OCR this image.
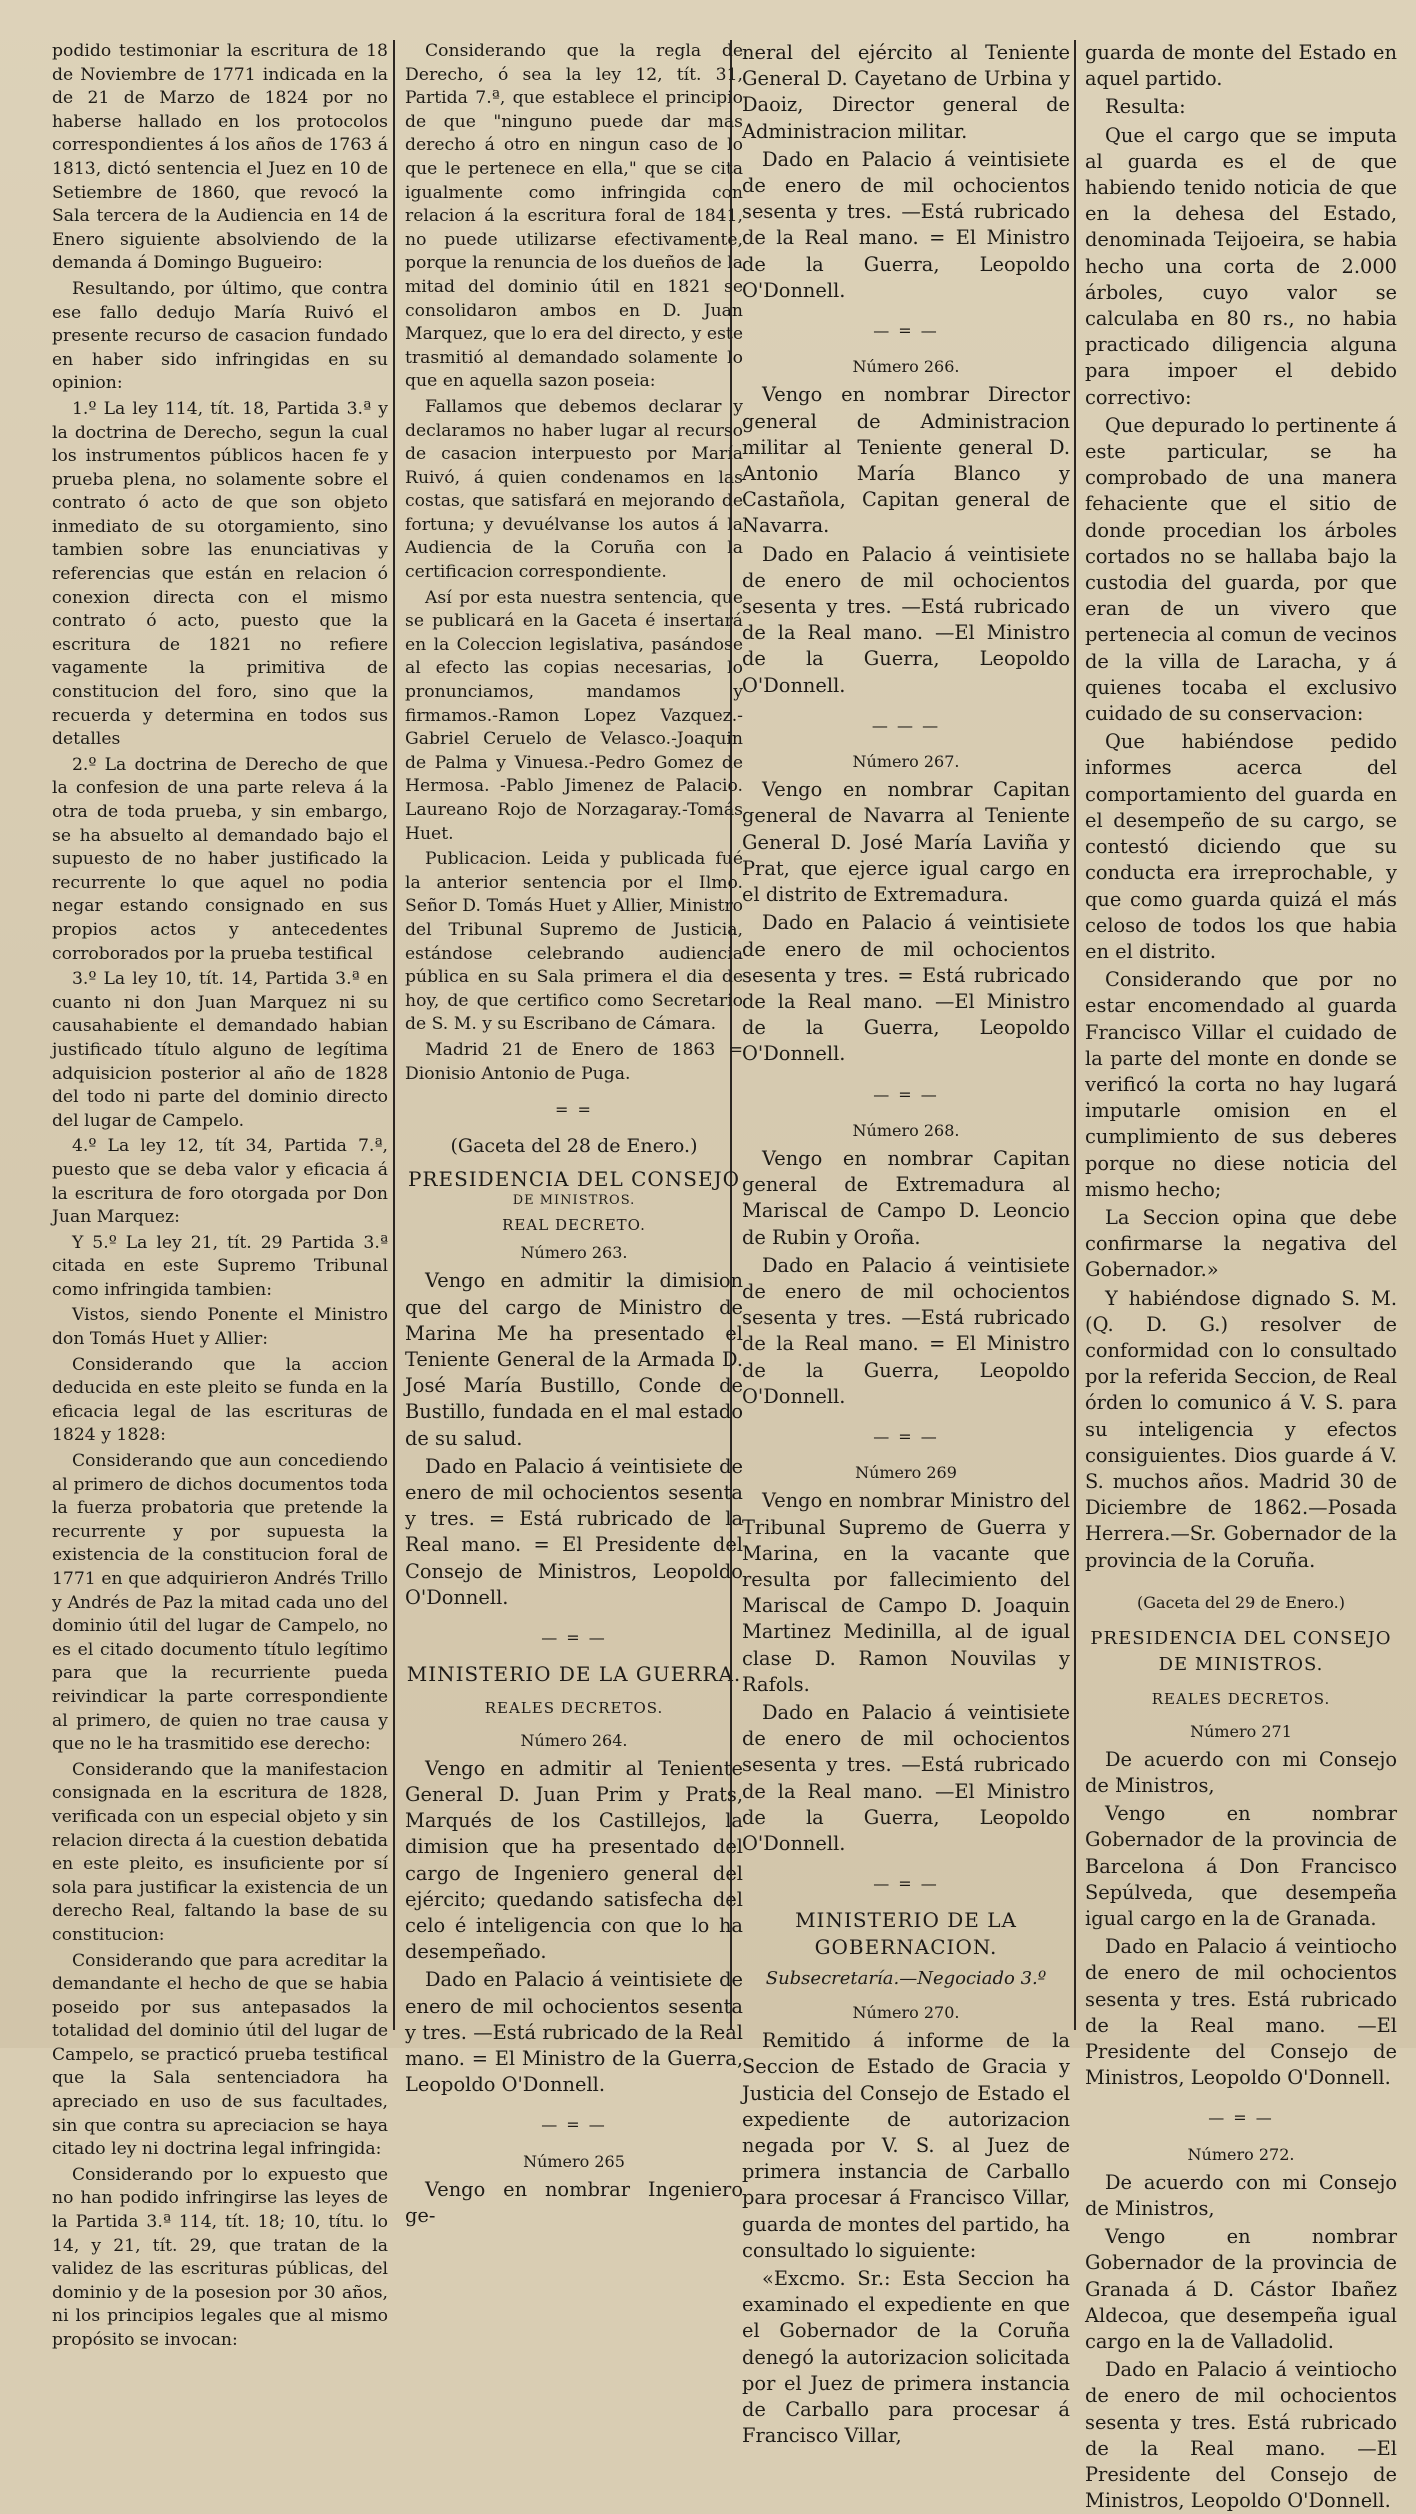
podido testimoniar la escritura de 18 de Noviembre de 1771 indicada en la de 21 de Marzo de 1824 por no haberse hallado en los protocolos correspondientes á los años de 1763 á 1813, dictó sentencia el Juez en 10 de Setiembre de 1860, que revocó la Sala tercera de la Audiencia en 14 de Enero siguiente absolviendo de la demanda á Domingo Bugueiro:

Resultando, por último, que contra ese fallo dedujo María Ruivó el presente recurso de casacion fundado en haber sido infringidas en su opinion:

1.º La ley 114, tít. 18, Partida 3.ª y la doctrina de Derecho, segun la cual los instrumentos públicos hacen fe y prueba plena, no solamente sobre el contrato ó acto de que son objeto inmediato de su otorgamiento, sino tambien sobre las enunciativas y referencias que están en relacion ó conexion directa con el mismo contrato ó acto, puesto que la escritura de 1821 no refiere vagamente la primitiva de constitucion del foro, sino que la recuerda y determina en todos sus detalles

2.º La doctrina de Derecho de que la confesion de una parte releva á la otra de toda prueba, y sin embargo, se ha absuelto al demandado bajo el supuesto de no haber justificado la recurrente lo que aquel no podia negar estando consignado en sus propios actos y antecedentes corroborados por la prueba testifical

3.º La ley 10, tít. 14, Partida 3.ª en cuanto ni don Juan Marquez ni su causahabiente el demandado habian justificado título alguno de legítima adquisicion posterior al año de 1828 del todo ni parte del dominio directo del lugar de Campelo.

4.º La ley 12, tít 34, Partida 7.ª, puesto que se deba valor y eficacia á la escritura de foro otorgada por Don Juan Marquez:

Y 5.º La ley 21, tít. 29 Partida 3.ª citada en este Supremo Tribunal como infringida tambien:

Vistos, siendo Ponente el Ministro don Tomás Huet y Allier:

Considerando que la accion deducida en este pleito se funda en la eficacia legal de las escrituras de 1824 y 1828:

Considerando que aun concediendo al primero de dichos documentos toda la fuerza probatoria que pretende la recurrente y por supuesta la existencia de la constitucion foral de 1771 en que adquirieron Andrés Trillo y Andrés de Paz la mitad cada uno del dominio útil del lugar de Campelo, no es el citado documento título legítimo para que la recurriente pueda reivindicar la parte correspondiente al primero, de quien no trae causa y que no le ha trasmitido ese derecho:

Considerando que la manifestacion consignada en la escritura de 1828, verificada con un especial objeto y sin relacion directa á la cuestion debatida en este pleito, es insuficiente por sí sola para justificar la existencia de un derecho Real, faltando la base de su constitucion:

Considerando que para acreditar la demandante el hecho de que se habia poseido por sus antepasados la totalidad del dominio útil del lugar de Campelo, se practicó prueba testifical que la Sala sentenciadora ha apreciado en uso de sus facultades, sin que contra su apreciacion se haya citado ley ni doctrina legal infringida:

Considerando por lo expuesto que no han podido infringirse las leyes de la Partida 3.ª 114, tít. 18; 10, títu. lo 14, y 21, tít. 29, que tratan de la validez de las escrituras públicas, del dominio y de la posesion por 30 años, ni los principios legales que al mismo propósito se invocan:

Considerando que la regla de Derecho, ó sea la ley 12, tít. 31, Partida 7.ª, que establece el principio de que "ninguno puede dar mas derecho á otro en ningun caso de lo que le pertenece en ella," que se cita igualmente como infringida con relacion á la escritura foral de 1841, no puede utilizarse efectivamente, porque la renuncia de los dueños de la mitad del dominio útil en 1821 se consolidaron ambos en D. Juan Marquez, que lo era del directo, y este trasmitió al demandado solamente lo que en aquella sazon poseia:

Fallamos que debemos declarar y declaramos no haber lugar al recurso de casacion interpuesto por María Ruivó, á quien condenamos en las costas, que satisfará en mejorando de fortuna; y devuélvanse los autos á la Audiencia de la Coruña con la certificacion correspondiente.

Así por esta nuestra sentencia, que se publicará en la Gaceta é insertará en la Coleccion legislativa, pasándose al efecto las copias necesarias, lo pronunciamos, mandamos y firmamos.-Ramon Lopez Vazquez.-Gabriel Ceruelo de Velasco.-Joaquin de Palma y Vinuesa.-Pedro Gomez de Hermosa. -Pablo Jimenez de Palacio. Laureano Rojo de Norzagaray.-Tomás Huet.

Publicacion. Leida y publicada fué la anterior sentencia por el Ilmo. Señor D. Tomás Huet y Allier, Ministro del Tribunal Supremo de Justicia, estándose celebrando audiencia pública en su Sala primera el dia de hoy, de que certifico como Secretario de S. M. y su Escribano de Cámara.

Madrid 21 de Enero de 1863 = Dionisio Antonio de Puga.

= =
(Gaceta del 28 de Enero.)
PRESIDENCIA DEL CONSEJO
DE MINISTROS.
REAL DECRETO.
Número 263.

Vengo en admitir la dimision que del cargo de Ministro de Marina Me ha presentado el Teniente General de la Armada D. José María Bustillo, Conde de Bustillo, fundada en el mal estado de su salud.

Dado en Palacio á veintisiete de enero de mil ochocientos sesenta y tres. = Está rubricado de la Real mano. = El Presidente del Consejo de Ministros, Leopoldo O'Donnell.

— = —
MINISTERIO DE LA GUERRA.
REALES DECRETOS.
Número 264.

Vengo en admitir al Teniente General D. Juan Prim y Prats, Marqués de los Castillejos, la dimision que ha presentado del cargo de Ingeniero general del ejército; quedando satisfecha del celo é inteligencia con que lo ha desempeñado.

Dado en Palacio á veintisiete de enero de mil ochocientos sesenta y tres. —Está rubricado de la Real mano. = El Ministro de la Guerra, Leopoldo O'Donnell.

— = —
Número 265

Vengo en nombrar Ingeniero ge-

neral del ejército al Teniente General D. Cayetano de Urbina y Daoiz, Director general de Administracion militar.

Dado en Palacio á veintisiete de enero de mil ochocientos sesenta y tres. —Está rubricado de la Real mano. = El Ministro de la Guerra, Leopoldo O'Donnell.

— = —
Número 266.

Vengo en nombrar Director general de Administracion militar al Teniente general D. Antonio María Blanco y Castañola, Capitan general de Navarra.

Dado en Palacio á veintisiete de enero de mil ochocientos sesenta y tres. —Está rubricado de la Real mano. —El Ministro de la Guerra, Leopoldo O'Donnell.

— — —
Número 267.

Vengo en nombrar Capitan general de Navarra al Teniente General D. José María Laviña y Prat, que ejerce igual cargo en el distrito de Extremadura.

Dado en Palacio á veintisiete de enero de mil ochocientos sesenta y tres. = Está rubricado de la Real mano. —El Ministro de la Guerra, Leopoldo O'Donnell.

— = —
Número 268.

Vengo en nombrar Capitan general de Extremadura al Mariscal de Campo D. Leoncio de Rubin y Oroña.

Dado en Palacio á veintisiete de enero de mil ochocientos sesenta y tres. —Está rubricado de la Real mano. = El Ministro de la Guerra, Leopoldo O'Donnell.

— = —
Número 269

Vengo en nombrar Ministro del Tribunal Supremo de Guerra y Marina, en la vacante que resulta por fallecimiento del Mariscal de Campo D. Joaquin Martinez Medinilla, al de igual clase D. Ramon Nouvilas y Rafols.

Dado en Palacio á veintisiete de enero de mil ochocientos sesenta y tres. —Está rubricado de la Real mano. —El Ministro de la Guerra, Leopoldo O'Donnell.

— = —
MINISTERIO DE LA GOBERNACION.
Subsecretaría.—Negociado 3.º
Número 270.

Remitido á informe de la Seccion de Estado de Gracia y Justicia del Consejo de Estado el expediente de autorizacion negada por V. S. al Juez de primera instancia de Carballo para procesar á Francisco Villar, guarda de montes del partido, ha consultado lo siguiente:

«Excmo. Sr.: Esta Seccion ha examinado el expediente en que el Gobernador de la Coruña denegó la autorizacion solicitada por el Juez de primera instancia de Carballo para procesar á Francisco Villar,

guarda de monte del Estado en aquel partido.

Resulta:

Que el cargo que se imputa al guarda es el de que habiendo tenido noticia de que en la dehesa del Estado, denominada Teijoeira, se habia hecho una corta de 2.000 árboles, cuyo valor se calculaba en 80 rs., no habia practicado diligencia alguna para impoer el debido correctivo:

Que depurado lo pertinente á este particular, se ha comprobado de una manera fehaciente que el sitio de donde procedian los árboles cortados no se hallaba bajo la custodia del guarda, por que eran de un vivero que pertenecia al comun de vecinos de la villa de Laracha, y á quienes tocaba el exclusivo cuidado de su conservacion:

Que habiéndose pedido informes acerca del comportamiento del guarda en el desempeño de su cargo, se contestó diciendo que su conducta era irreprochable, y que como guarda quizá el más celoso de todos los que habia en el distrito.

Considerando que por no estar encomendado al guarda Francisco Villar el cuidado de la parte del monte en donde se verificó la corta no hay lugará imputarle omision en el cumplimiento de sus deberes porque no diese noticia del mismo hecho;

La Seccion opina que debe confirmarse la negativa del Gobernador.»

Y habiéndose dignado S. M. (Q. D. G.) resolver de conformidad con lo consultado por la referida Seccion, de Real órden lo comunico á V. S. para su inteligencia y efectos consiguientes. Dios guarde á V. S. muchos años. Madrid 30 de Diciembre de 1862.—Posada Herrera.—Sr. Gobernador de la provincia de la Coruña.

(Gaceta del 29 de Enero.)
PRESIDENCIA DEL CONSEJO DE MINISTROS.
REALES DECRETOS.
Número 271

De acuerdo con mi Consejo de Ministros,

Vengo en nombrar Gobernador de la provincia de Barcelona á Don Francisco Sepúlveda, que desempeña igual cargo en la de Granada.

Dado en Palacio á veintiocho de enero de mil ochocientos sesenta y tres. Está rubricado de la Real mano. —El Presidente del Consejo de Ministros, Leopoldo O'Donnell.

— = —
Número 272.

De acuerdo con mi Consejo de Ministros,

Vengo en nombrar Gobernador de la provincia de Granada á D. Cástor Ibañez Aldecoa, que desempeña igual cargo en la de Valladolid.

Dado en Palacio á veintiocho de enero de mil ochocientos sesenta y tres. Está rubricado de la Real mano. —El Presidente del Consejo de Ministros, Leopoldo O'Donnell.
